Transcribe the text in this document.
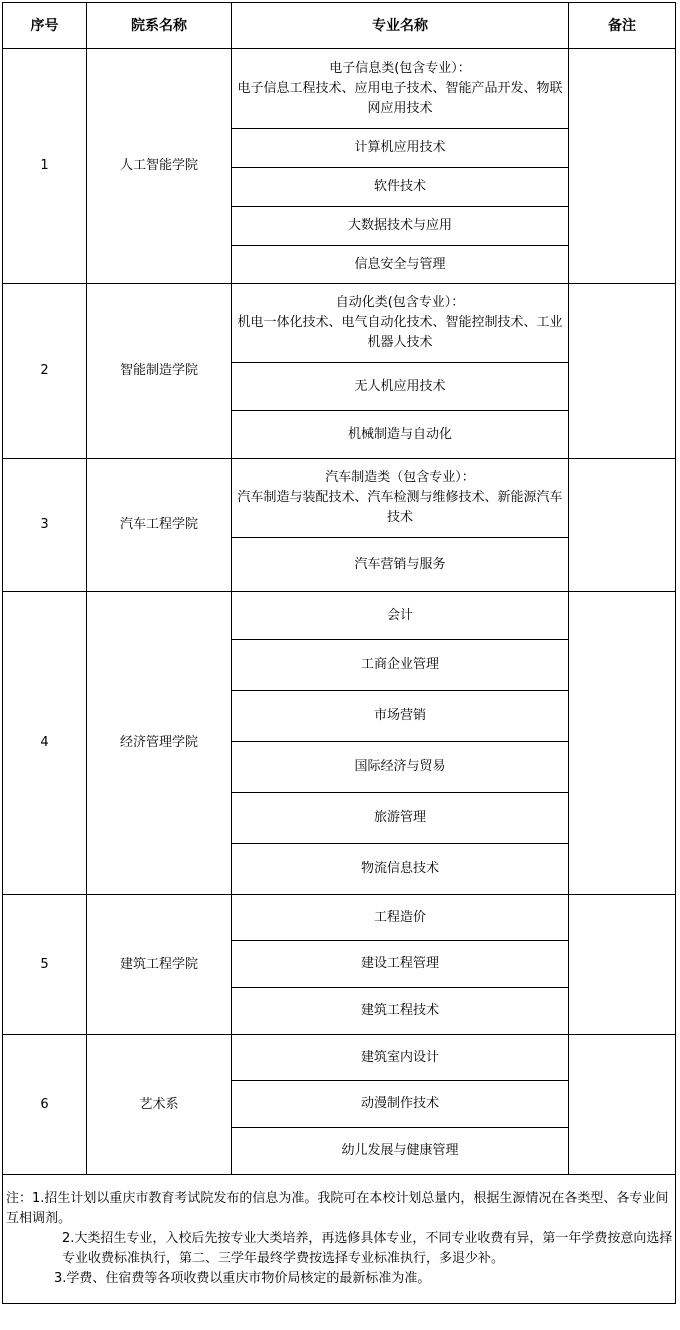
序号	院系名称	专业名称	备注
1	人工智能学院	电子信息类(包含专业）：
电子信息工程技术、应用电子技术、智能产品开发、物联网应用技术	
		计算机应用技术	
		软件技术	
		大数据技术与应用	
		信息安全与管理	
2	智能制造学院	自动化类(包含专业）：
机电一体化技术、电气自动化技术、智能控制技术、工业机器人技术	
		无人机应用技术	
		机械制造与自动化	
3	汽车工程学院	汽车制造类（包含专业）：
汽车制造与装配技术、汽车检测与维修技术、新能源汽车技术	
		汽车营销与服务	
4	经济管理学院	会计	
		工商企业管理	
		市场营销	
		国际经济与贸易	
		旅游管理	
		物流信息技术	
5	建筑工程学院	工程造价	
		建设工程管理	
		建筑工程技术	
6	艺术系	建筑室内设计	
		动漫制作技术	
		幼儿发展与健康管理	

注：1.招生计划以重庆市教育考试院发布的信息为准。我院可在本校计划总量内，根据生源情况在各类型、各专业间互相调剂。

2.大类招生专业，入校后先按专业大类培养，再选修具体专业，不同专业收费有异，第一年学费按意向选择专业收费标准执行，第二、三学年最终学费按选择专业标准执行，多退少补。

3.学费、住宿费等各项收费以重庆市物价局核定的最新标准为准。			
